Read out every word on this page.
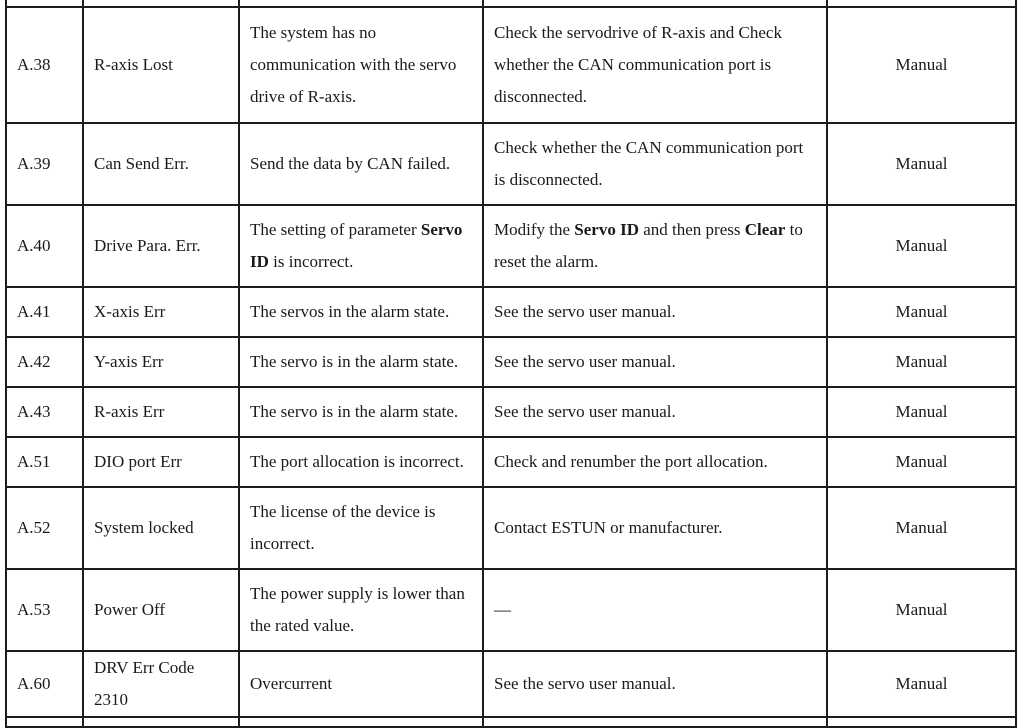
A.38	R-axis Lost	The system has no communication with the servo drive of R-axis.	Check the servodrive of R-axis and Check whether the CAN communication port is disconnected.	Manual
A.39	Can Send Err.	Send the data by CAN failed.	Check whether the CAN communication port is disconnected.	Manual
A.40	Drive Para. Err.	The setting of parameter Servo ID is incorrect.	Modify the Servo ID and then press Clear to reset the alarm.	Manual
A.41	X-axis Err	The servos in the alarm state.	See the servo user manual.	Manual
A.42	Y-axis Err	The servo is in the alarm state.	See the servo user manual.	Manual
A.43	R-axis Err	The servo is in the alarm state.	See the servo user manual.	Manual
A.51	DIO port Err	The port allocation is incorrect.	Check and renumber the port allocation.	Manual
A.52	System locked	The license of the device is incorrect.	Contact ESTUN or manufacturer.	Manual
A.53	Power Off	The power supply is lower than the rated value.	—	Manual
A.60	DRV Err Code 2310	Overcurrent	See the servo user manual.	Manual
